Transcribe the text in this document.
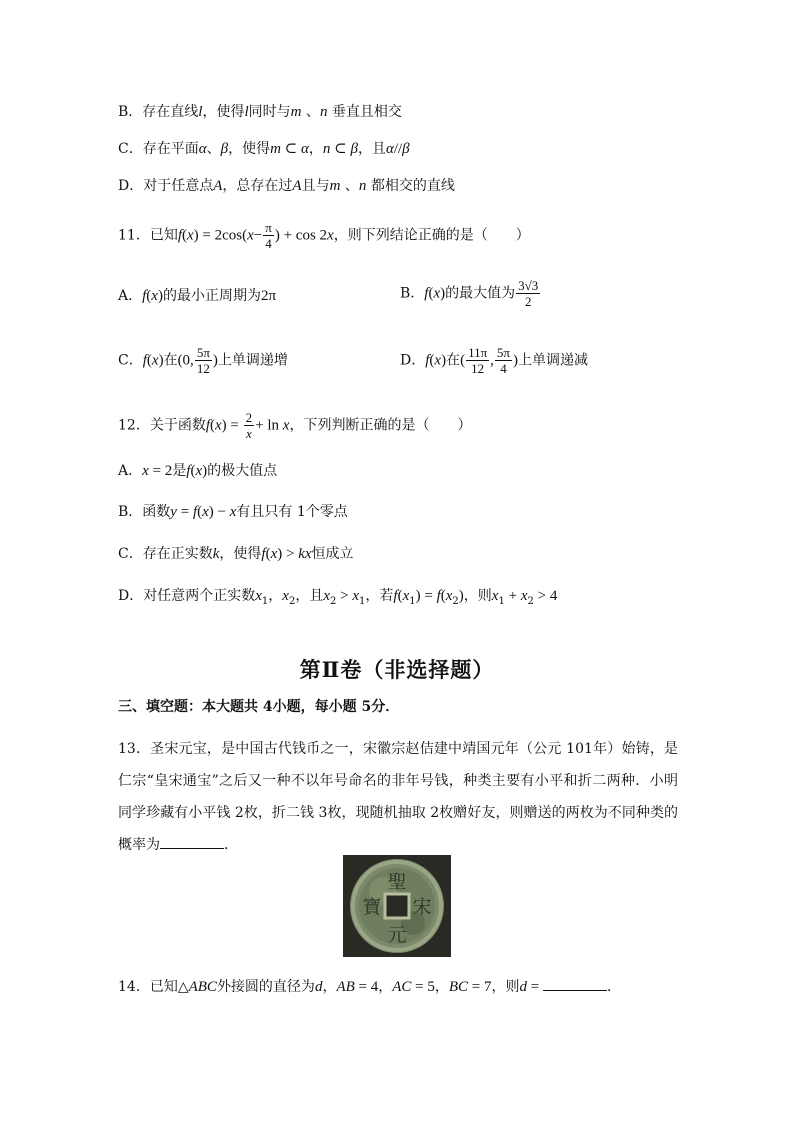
B．存在直线l，使得l同时与m 、n 垂直且相交
C．存在平面α、β，使得m ⊂ α，n ⊂ β，且α//β
D．对于任意点A，总存在过A且与m 、n 都相交的直线
11．已知$f(x) = 2\cos(x- \frac{\pi}{4}$ ) + cos 2x，则下列结论正确的是（　　）
A．f(x)的最小正周期为2π	B．f(x)的最大值为 $\frac{3√3}{2}$
C．f(x)在(0, $\frac{5\pi}{12}$ )上单调递增	D．f(x)在( $\frac{11\pi}{12}$ , $\frac{5\pi}{4}$ )上单调递减
12．关于函数$f(x) = \frac{2}{x} + \ln x$，下列判断正确的是（　　）
A．x = 2是f(x)的极大值点
B．函数y = f(x) − x有且只有 1个零点
C．存在正实数k，使得f(x) > kx恒成立
D．对任意两个正实数$x_1$，$x_2$，且$x_2 > x_1$，若$f(x_1) = f(x_2)$，则$x_1 + x_2 > 4$
第Ⅱ卷（非选择题）
三、填空题：本大题共 4小题，每小题 5分．
13．圣宋元宝，是中国古代钱币之一，宋徽宗赵佶建中靖国元年（公元 101年）始铸，是仁宗“皇宋通宝”之后又一种不以年号命名的非年号钱，种类主要有小平和折二两种．小明同学珍藏有小平钱 2枚，折二钱 3枚，现随机抽取 2枚赠好友，则赠送的两枚为不同种类的概率为	．
聖
宋
元
寶
14．已知△ABC外接圆的直径为d，AB = 4，AC = 5，BC = 7，则d =	．
